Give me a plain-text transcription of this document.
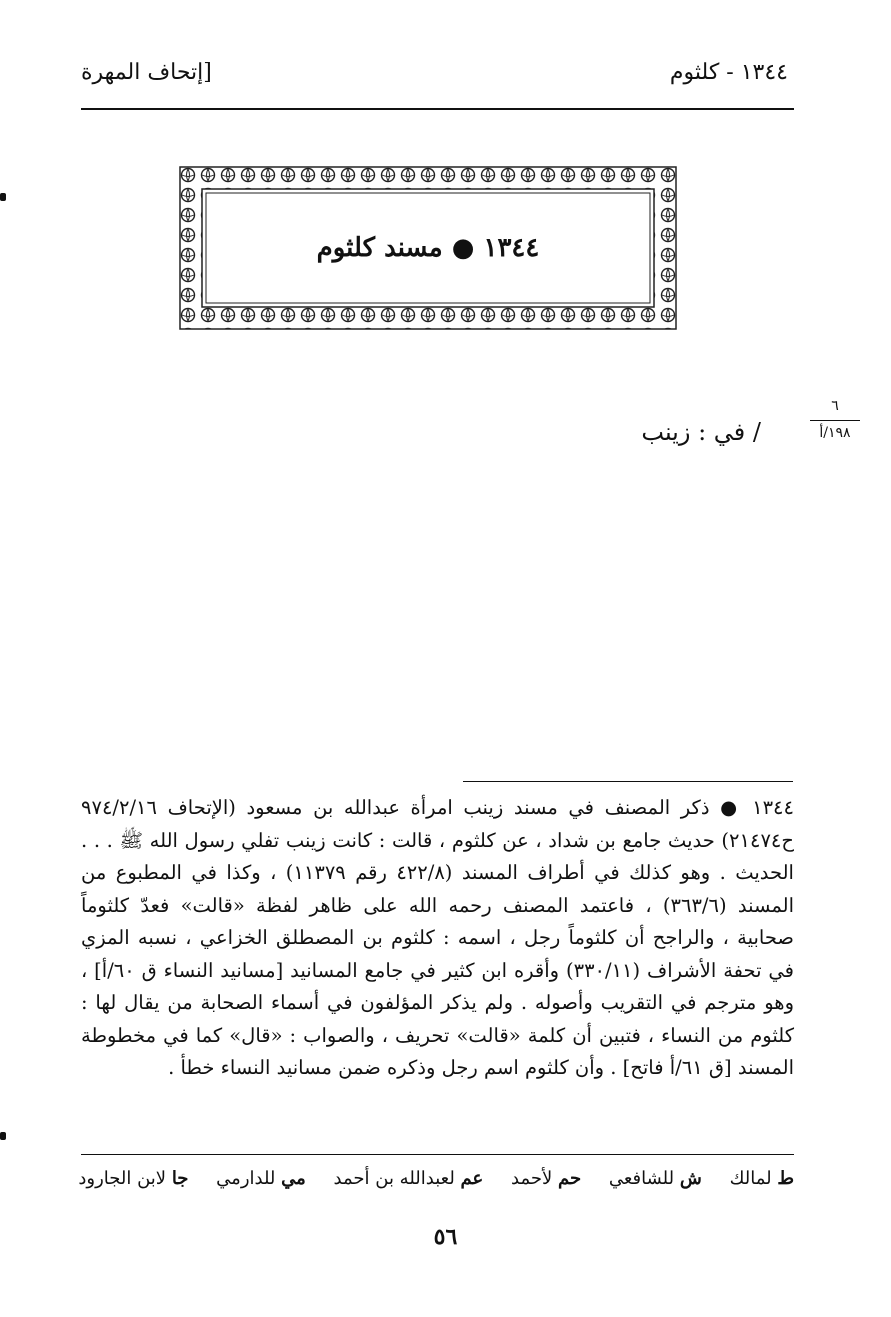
١٣٤٤ - كلثوم
[إتحاف المهرة
١٣٤٤ ● مسند كلثوم
٦
١٩٨/أ
/ في : زينب
١٣٤٤ ● ذكر المصنف في مسند زينب امرأة عبدالله بن مسعود (الإتحاف ٩٧٤/٢/١٦ ح٢١٤٧٤) حديث جامع بن شداد ، عن كلثوم ، قالت : كانت زينب تفلي رسول الله ﷺ . . . الحديث . وهو كذلك في أطراف المسند (٤٢٢/٨ رقم ١١٣٧٩) ، وكذا في المطبوع من المسند (٣٦٣/٦) ، فاعتمد المصنف رحمه الله على ظاهر لفظة «قالت» فعدّ كلثوماً صحابية ، والراجح أن كلثوماً رجل ، اسمه : كلثوم بن المصطلق الخزاعي ، نسبه المزي في تحفة الأشراف (٣٣٠/١١) وأقره ابن كثير في جامع المسانيد [مسانيد النساء ق ٦٠/أ] ، وهو مترجم في التقريب وأصوله . ولم يذكر المؤلفون في أسماء الصحابة من يقال لها : كلثوم من النساء ، فتبين أن كلمة «قالت» تحريف ، والصواب : «قال» كما في مخطوطة المسند [ق ٦١/أ فاتح] . وأن كلثوم اسم رجل وذكره ضمن مسانيد النساء خطأ .
ط لمالك ش للشافعي حم لأحمد عم لعبدالله بن أحمد مي للدارمي جا لابن الجارود
٥٦
